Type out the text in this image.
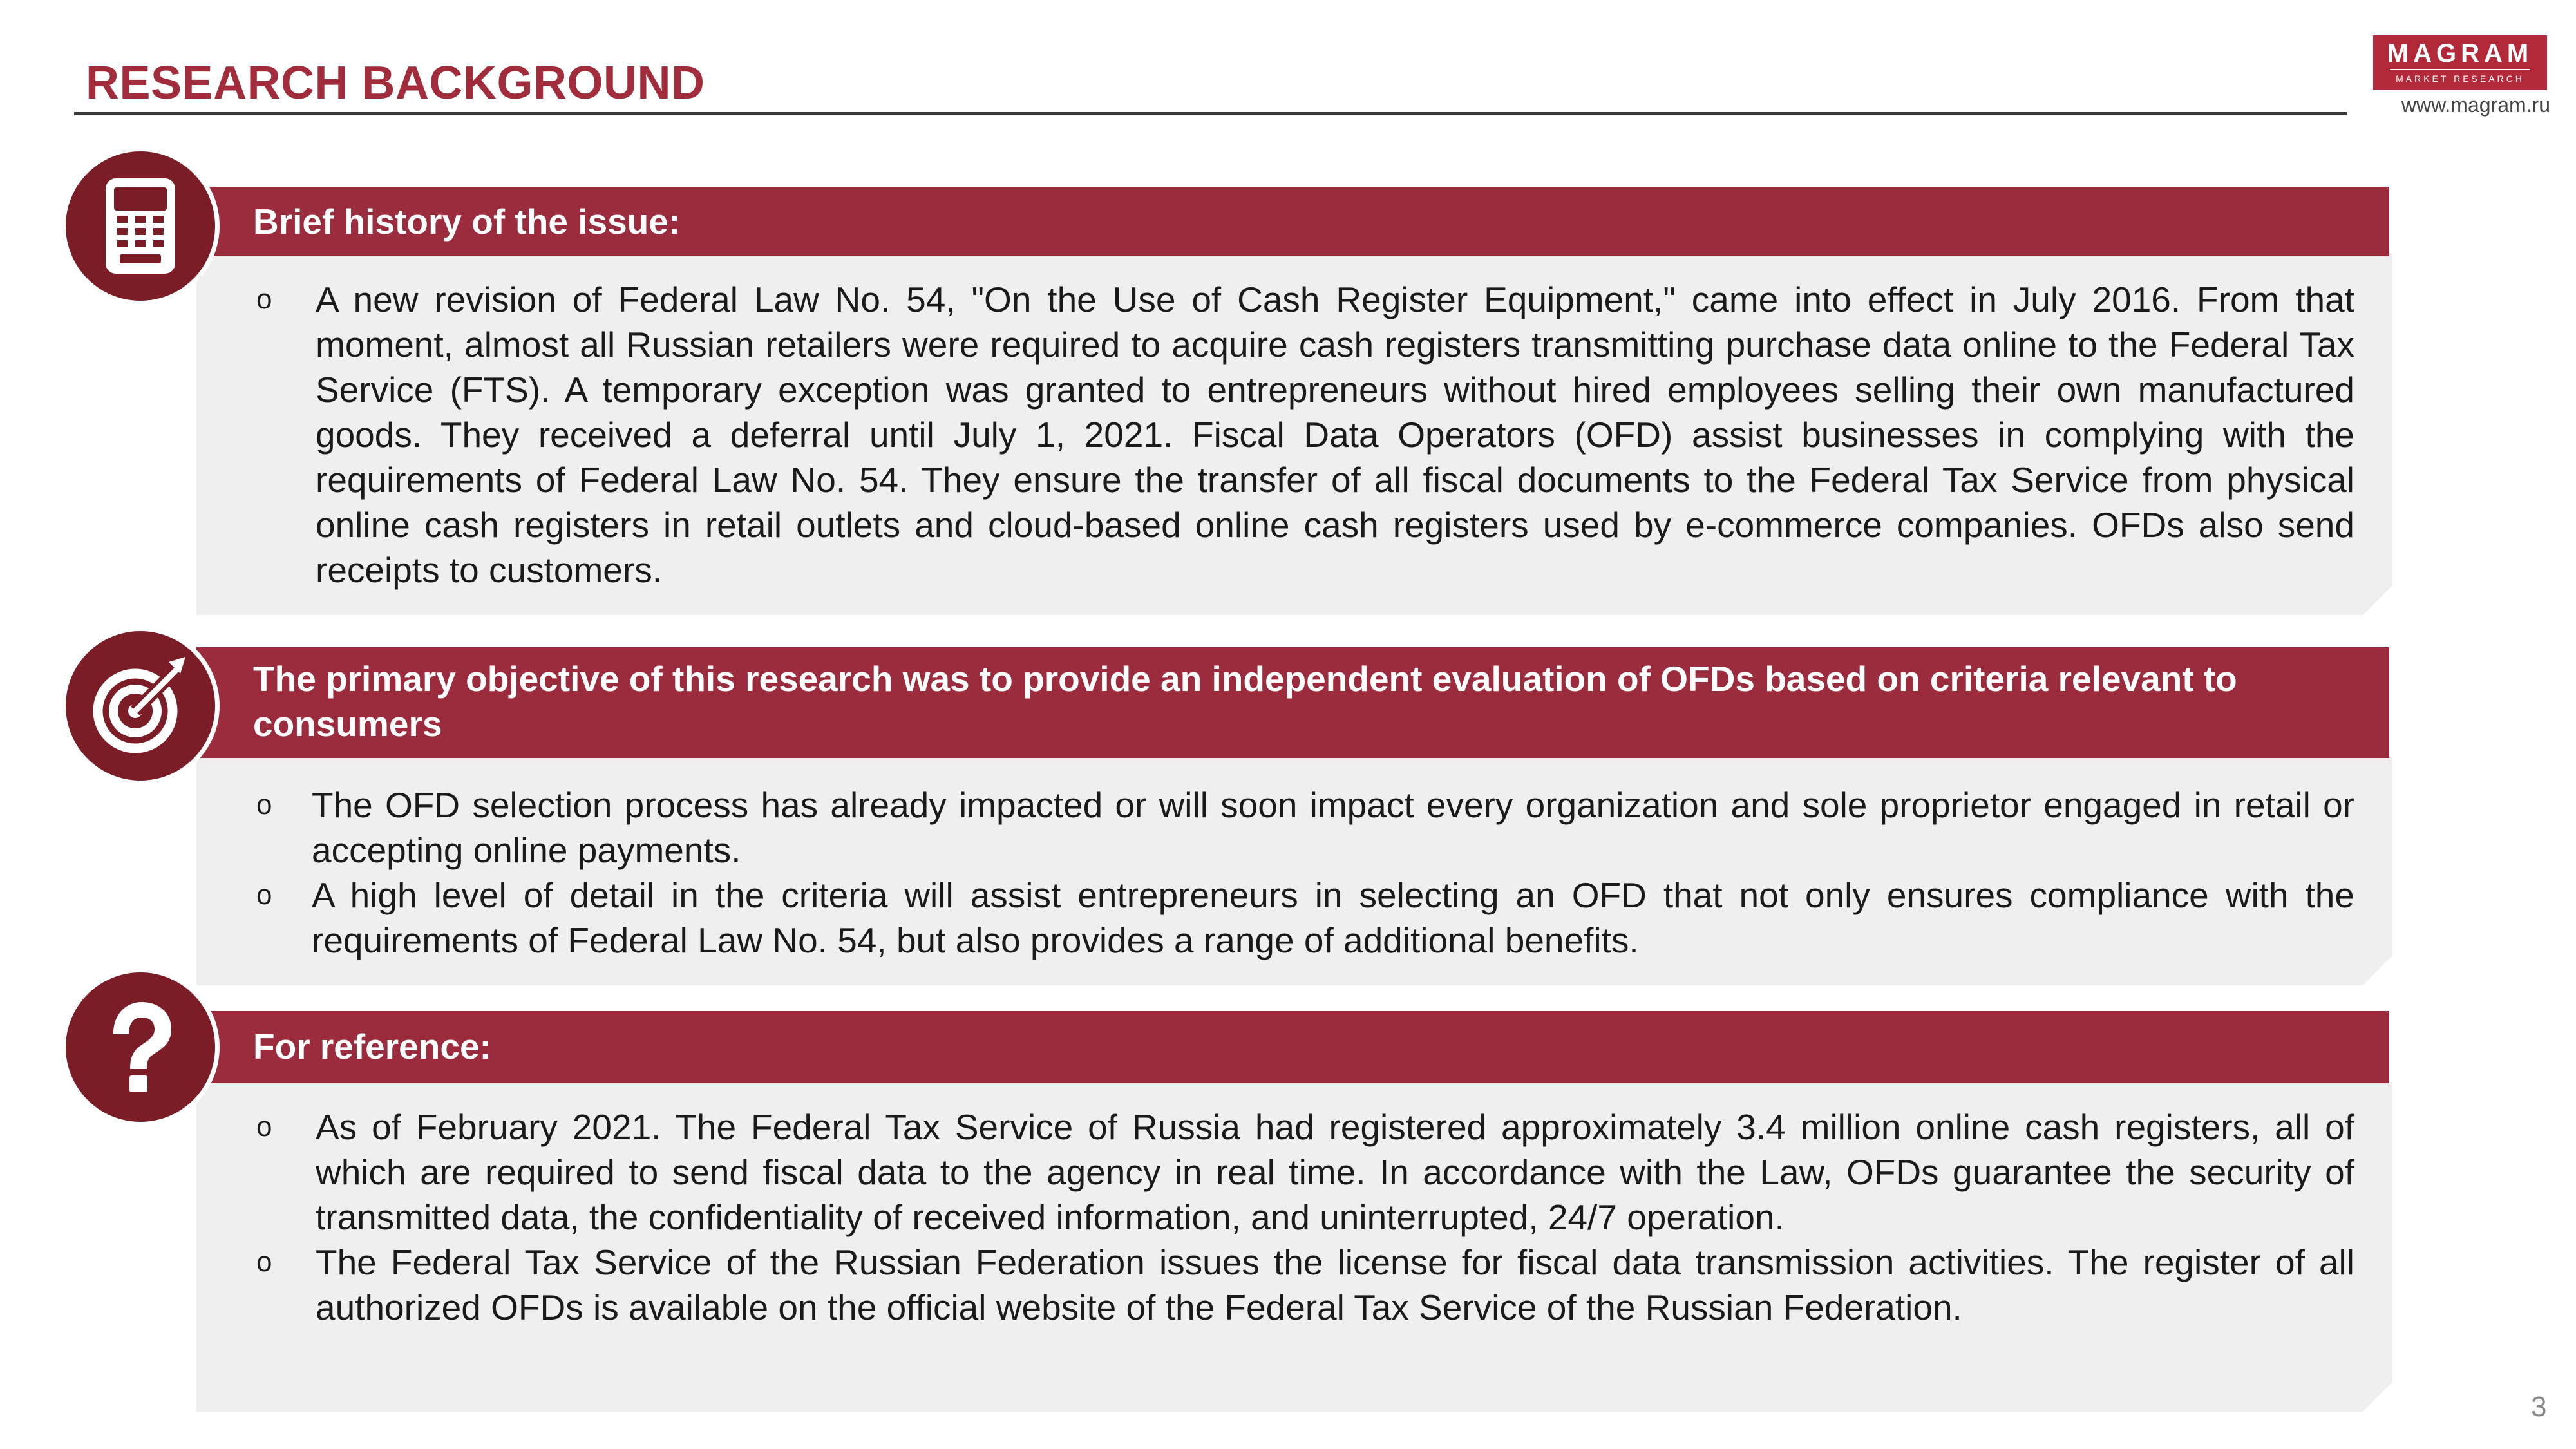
RESEARCH BACKGROUND
MAGRAM
MARKET RESEARCH
www.magram.ru
Brief history of the issue:
o A new revision of Federal Law No. 54, "On the Use of Cash Register Equipment," came into effect in July 2016. From that moment, almost all Russian retailers were required to acquire cash registers transmitting purchase data online to the Federal Tax Service (FTS). A temporary exception was granted to entrepreneurs without hired employees selling their own manufactured goods. They received a deferral until July 1, 2021. Fiscal Data Operators (OFD) assist businesses in complying with the requirements of Federal Law No. 54. They ensure the transfer of all fiscal documents to the Federal Tax Service from physical online cash registers in retail outlets and cloud-based online cash registers used by e-commerce companies. OFDs also send receipts to customers.
The primary objective of this research was to provide an independent evaluation of OFDs based on criteria relevant to consumers
o The OFD selection process has already impacted or will soon impact every organization and sole proprietor engaged in retail or accepting online payments.
o A high level of detail in the criteria will assist entrepreneurs in selecting an OFD that not only ensures compliance with the requirements of Federal Law No. 54, but also provides a range of additional benefits.
For reference:
o As of February 2021. The Federal Tax Service of Russia had registered approximately 3.4 million online cash registers, all of which are required to send fiscal data to the agency in real time. In accordance with the Law, OFDs guarantee the security of transmitted data, the confidentiality of received information, and uninterrupted, 24/7 operation.
o The Federal Tax Service of the Russian Federation issues the license for fiscal data transmission activities. The register of all authorized OFDs is available on the official website of the Federal Tax Service of the Russian Federation.
3
